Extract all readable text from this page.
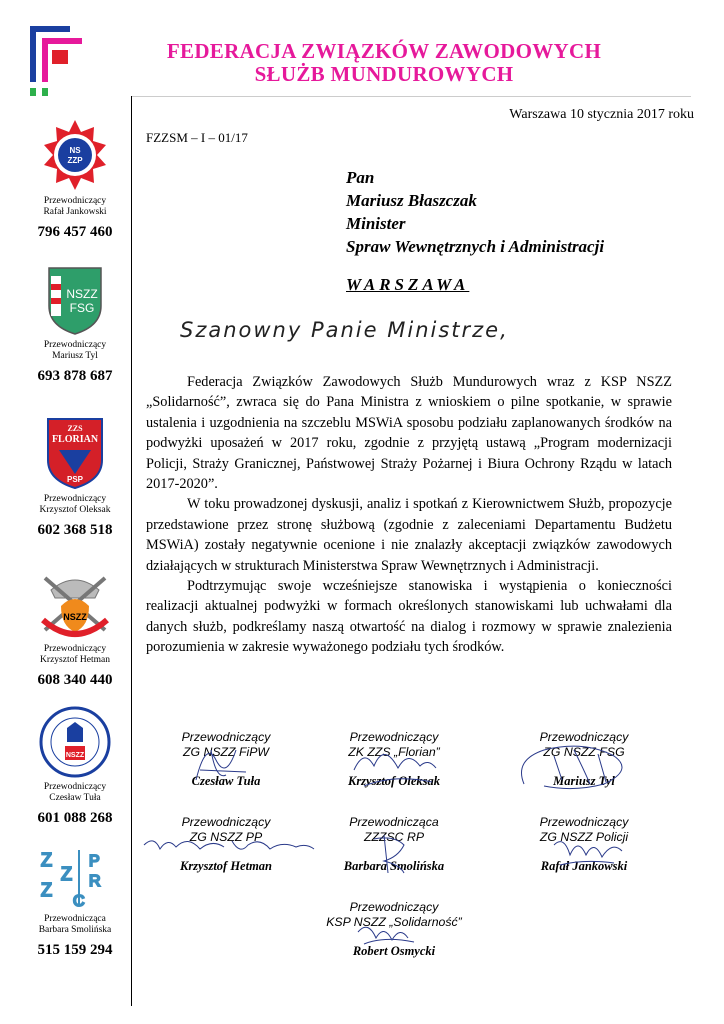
FEDERACJA ZWIĄZKÓW ZAWODOWYCH
SŁUŻB MUNDUROWYCH
NS
ZZP
Przewodniczący
Rafał Jankowski
796 457 460
NSZZ
FSG
Przewodniczący
Mariusz Tyl
693 878 687
ZZS
FLORIAN
PSP
Przewodniczący
Krzysztof Oleksak
602 368 518
NSZZ
Przewodniczący
Krzysztof Hetman
608 340 440
NSZZ
Przewodniczący
Czesław Tuła
601 088 268
Z
Z
Z
P
R
C
Przewodnicząca
Barbara Smolińska
515 159 294
Warszawa 10 stycznia 2017 roku
FZZSM – I – 01/17
Pan
Mariusz Błaszczak
Minister
Spraw Wewnętrznych i Administracji
WARSZAWA
Szanowny Panie Ministrze,

Federacja Związków Zawodowych Służb Mundurowych wraz z KSP NSZZ „Solidarność”, zwraca się do Pana Ministra z wnioskiem o pilne spotkanie, w sprawie ustalenia i uzgodnienia na szczeblu MSWiA sposobu podziału zaplanowanych środków na podwyżki uposażeń w 2017 roku, zgodnie z przyjętą ustawą „Program modernizacji Policji, Straży Granicznej, Państwowej Straży Pożarnej i Biura Ochrony Rządu w latach 2017-2020”.

W toku prowadzonej dyskusji, analiz i spotkań z Kierownictwem Służb, propozycje przedstawione przez stronę służbową (zgodnie z zaleceniami Departamentu Budżetu MSWiA) zostały negatywnie ocenione i nie znalazły akceptacji związków zawodowych działających w strukturach Ministerstwa Spraw Wewnętrznych i Administracji.

Podtrzymując swoje wcześniejsze stanowiska i wystąpienia o konieczności realizacji aktualnej podwyżki w formach określonych stanowiskami lub uchwałami dla danych służb, podkreślamy naszą otwartość na dialog i rozmowy w sprawie znalezienia porozumienia w zakresie wyważonego podziału tych środków.

Przewodniczący
ZG NSZZ FiPW
Czesław Tuła
Przewodniczący
ZK ZZS „Florian”
Krzysztof Oleksak
Przewodniczący
ZG NSZZ FSG
Mariusz Tyl
Przewodniczący
ZG NSZZ PP
Krzysztof Hetman
Przewodnicząca
ZZZSC RP
Barbara Smolińska
Przewodniczący
ZG NSZZ Policji
Rafał Jankowski
Przewodniczący
KSP NSZZ „Solidarność”
Robert Osmycki
